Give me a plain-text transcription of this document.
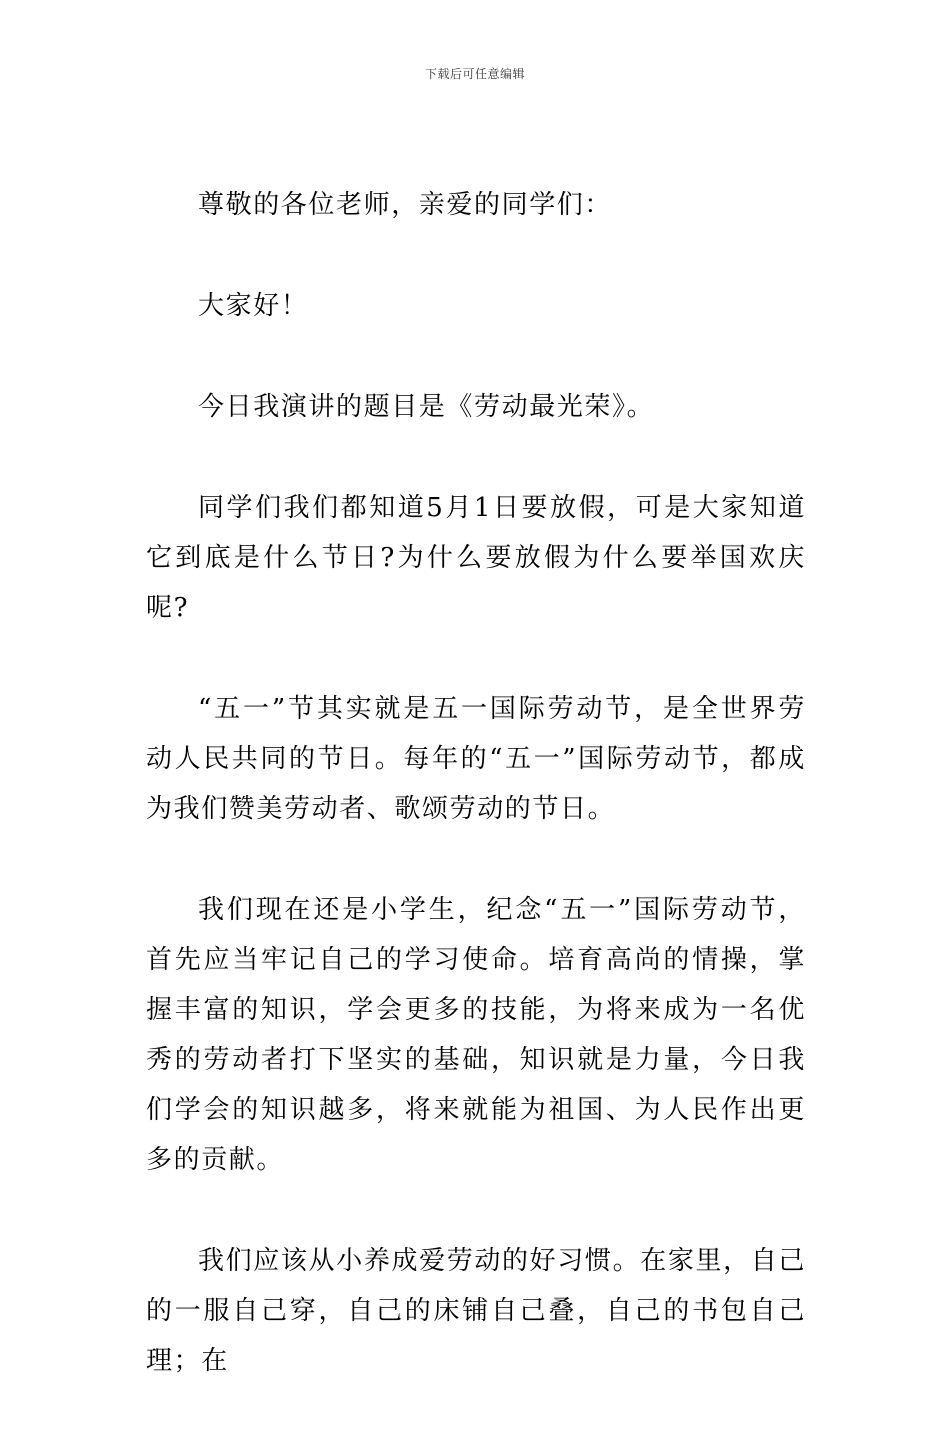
下载后可任意编辑

尊敬的各位老师，亲爱的同学们：

大家好！

今日我演讲的题目是《劳动最光荣》。

同学们我们都知道5月1日要放假，可是大家知道它到底是什么节日?为什么要放假为什么要举国欢庆呢?

“五一”节其实就是五一国际劳动节，是全世界劳动人民共同的节日。每年的“五一”国际劳动节，都成为我们赞美劳动者、歌颂劳动的节日。

我们现在还是小学生，纪念“五一”国际劳动节，首先应当牢记自己的学习使命。培育高尚的情操，掌握丰富的知识，学会更多的技能，为将来成为一名优秀的劳动者打下坚实的基础，知识就是力量，今日我们学会的知识越多，将来就能为祖国、为人民作出更多的贡献。

我们应该从小养成爱劳动的好习惯。在家里，自己的一服自己穿，自己的床铺自己叠，自己的书包自己理；在
